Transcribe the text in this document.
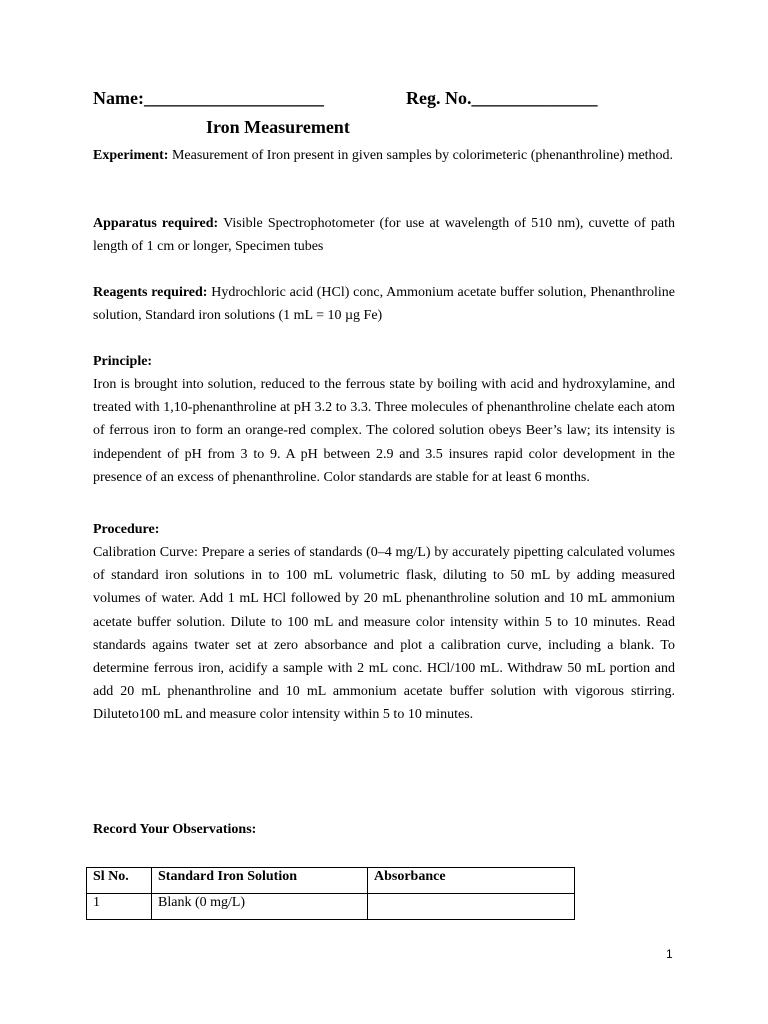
Name:____________________	Reg. No.______________
Iron Measurement

Experiment: Measurement of Iron present in given samples by colorimeteric (phenanthroline) method.

Apparatus required: Visible Spectrophotometer (for use at wavelength of 510 nm), cuvette of path length of 1 cm or longer, Specimen tubes

Reagents required: Hydrochloric acid (HCl) conc, Ammonium acetate buffer solution, Phenanthroline solution, Standard iron solutions (1 mL = 10 µg Fe)

Principle:

Iron is brought into solution, reduced to the ferrous state by boiling with acid and hydroxylamine, and treated with 1,10-phenanthroline at pH 3.2 to 3.3. Three molecules of phenanthroline chelate each atom of ferrous iron to form an orange-red complex. The colored solution obeys Beer’s law; its intensity is independent of pH from 3 to 9. A pH between 2.9 and 3.5 insures rapid color development in the presence of an excess of phenanthroline. Color standards are stable for at least 6 months.

Procedure:

Calibration Curve: Prepare a series of standards (0–4 mg/L) by accurately pipetting calculated volumes of standard iron solutions in to 100 mL volumetric flask, diluting to 50 mL by adding measured volumes of water. Add 1 mL HCl followed by 20 mL phenanthroline solution and 10 mL ammonium acetate buffer solution. Dilute to 100 mL and measure color intensity within 5 to 10 minutes. Read standards agains twater set at zero absorbance and plot a calibration curve, including a blank. To determine ferrous iron, acidify a sample with 2 mL conc. HCl/100 mL. Withdraw 50 mL portion and add 20 mL phenanthroline and 10 mL ammonium acetate buffer solution with vigorous stirring. Diluteto100 mL and measure color intensity within 5 to 10 minutes.

Record Your Observations:

Sl No.	Standard Iron Solution	Absorbance
1	Blank (0 mg/L)	
1
